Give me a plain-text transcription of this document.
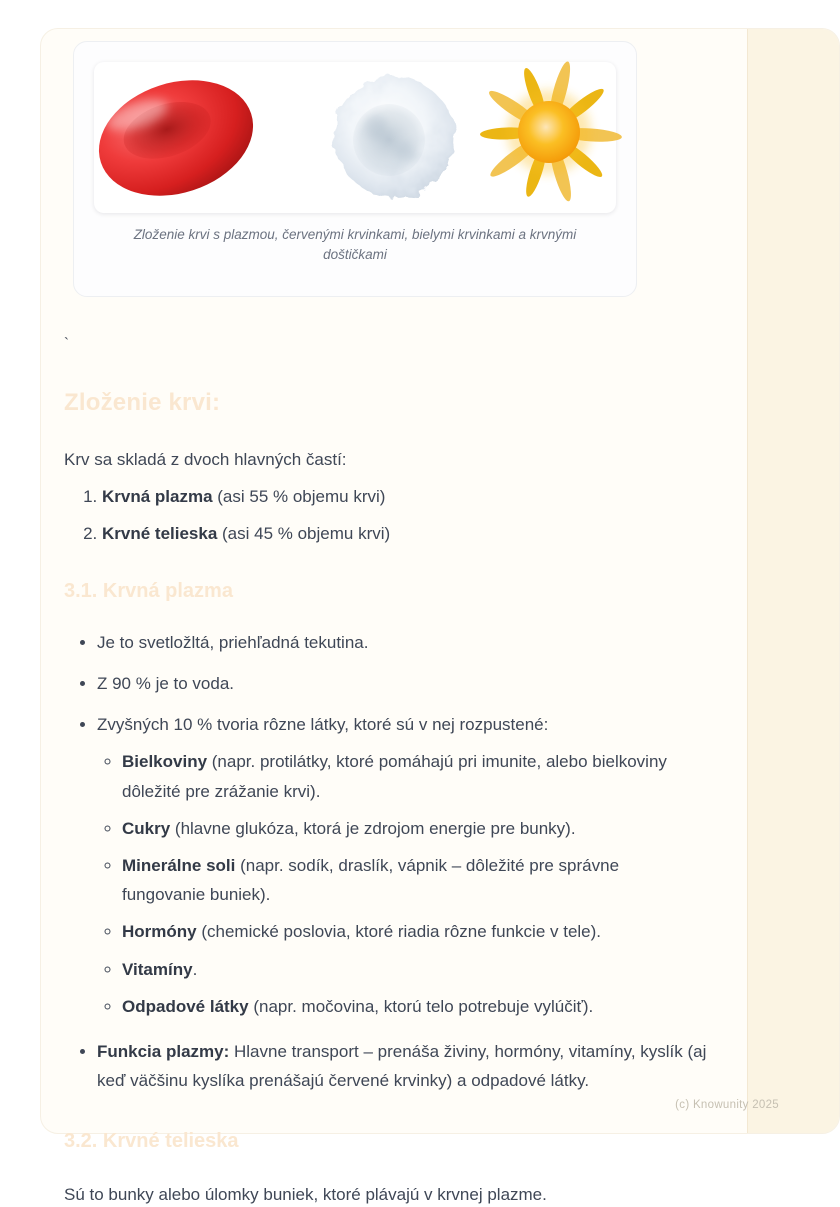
Zloženie krvi s plazmou, červenými krvinkami, bielymi krvinkami a krvnými doštičkami

`

Zloženie krvi:

Krv sa skladá z dvoch hlavných častí:

1. Krvná plazma (asi 55 % objemu krvi)
2. Krvné telieska (asi 45 % objemu krvi)
3.1. Krvná plazma
• Je to svetložltá, priehľadná tekutina.
• Z 90 % je to voda.
• Zvyšných 10 % tvoria rôzne látky, ktoré sú v nej rozpustené:
◦ Bielkoviny (napr. protilátky, ktoré pomáhajú pri imunite, alebo bielkoviny dôležité pre zrážanie krvi).
◦ Cukry (hlavne glukóza, ktorá je zdrojom energie pre bunky).
◦ Minerálne soli (napr. sodík, draslík, vápnik – dôležité pre správne fungovanie buniek).
◦ Hormóny (chemické poslovia, ktoré riadia rôzne funkcie v tele).
◦ Vitamíny.
◦ Odpadové látky (napr. močovina, ktorú telo potrebuje vylúčiť).
• Funkcia plazmy: Hlavne transport – prenáša živiny, hormóny, vitamíny, kyslík (aj keď väčšinu kyslíka prenášajú červené krvinky) a odpadové látky.
3.2. Krvné telieska

Sú to bunky alebo úlomky buniek, ktoré plávajú v krvnej plazme.

(c) Knowunity 2025
